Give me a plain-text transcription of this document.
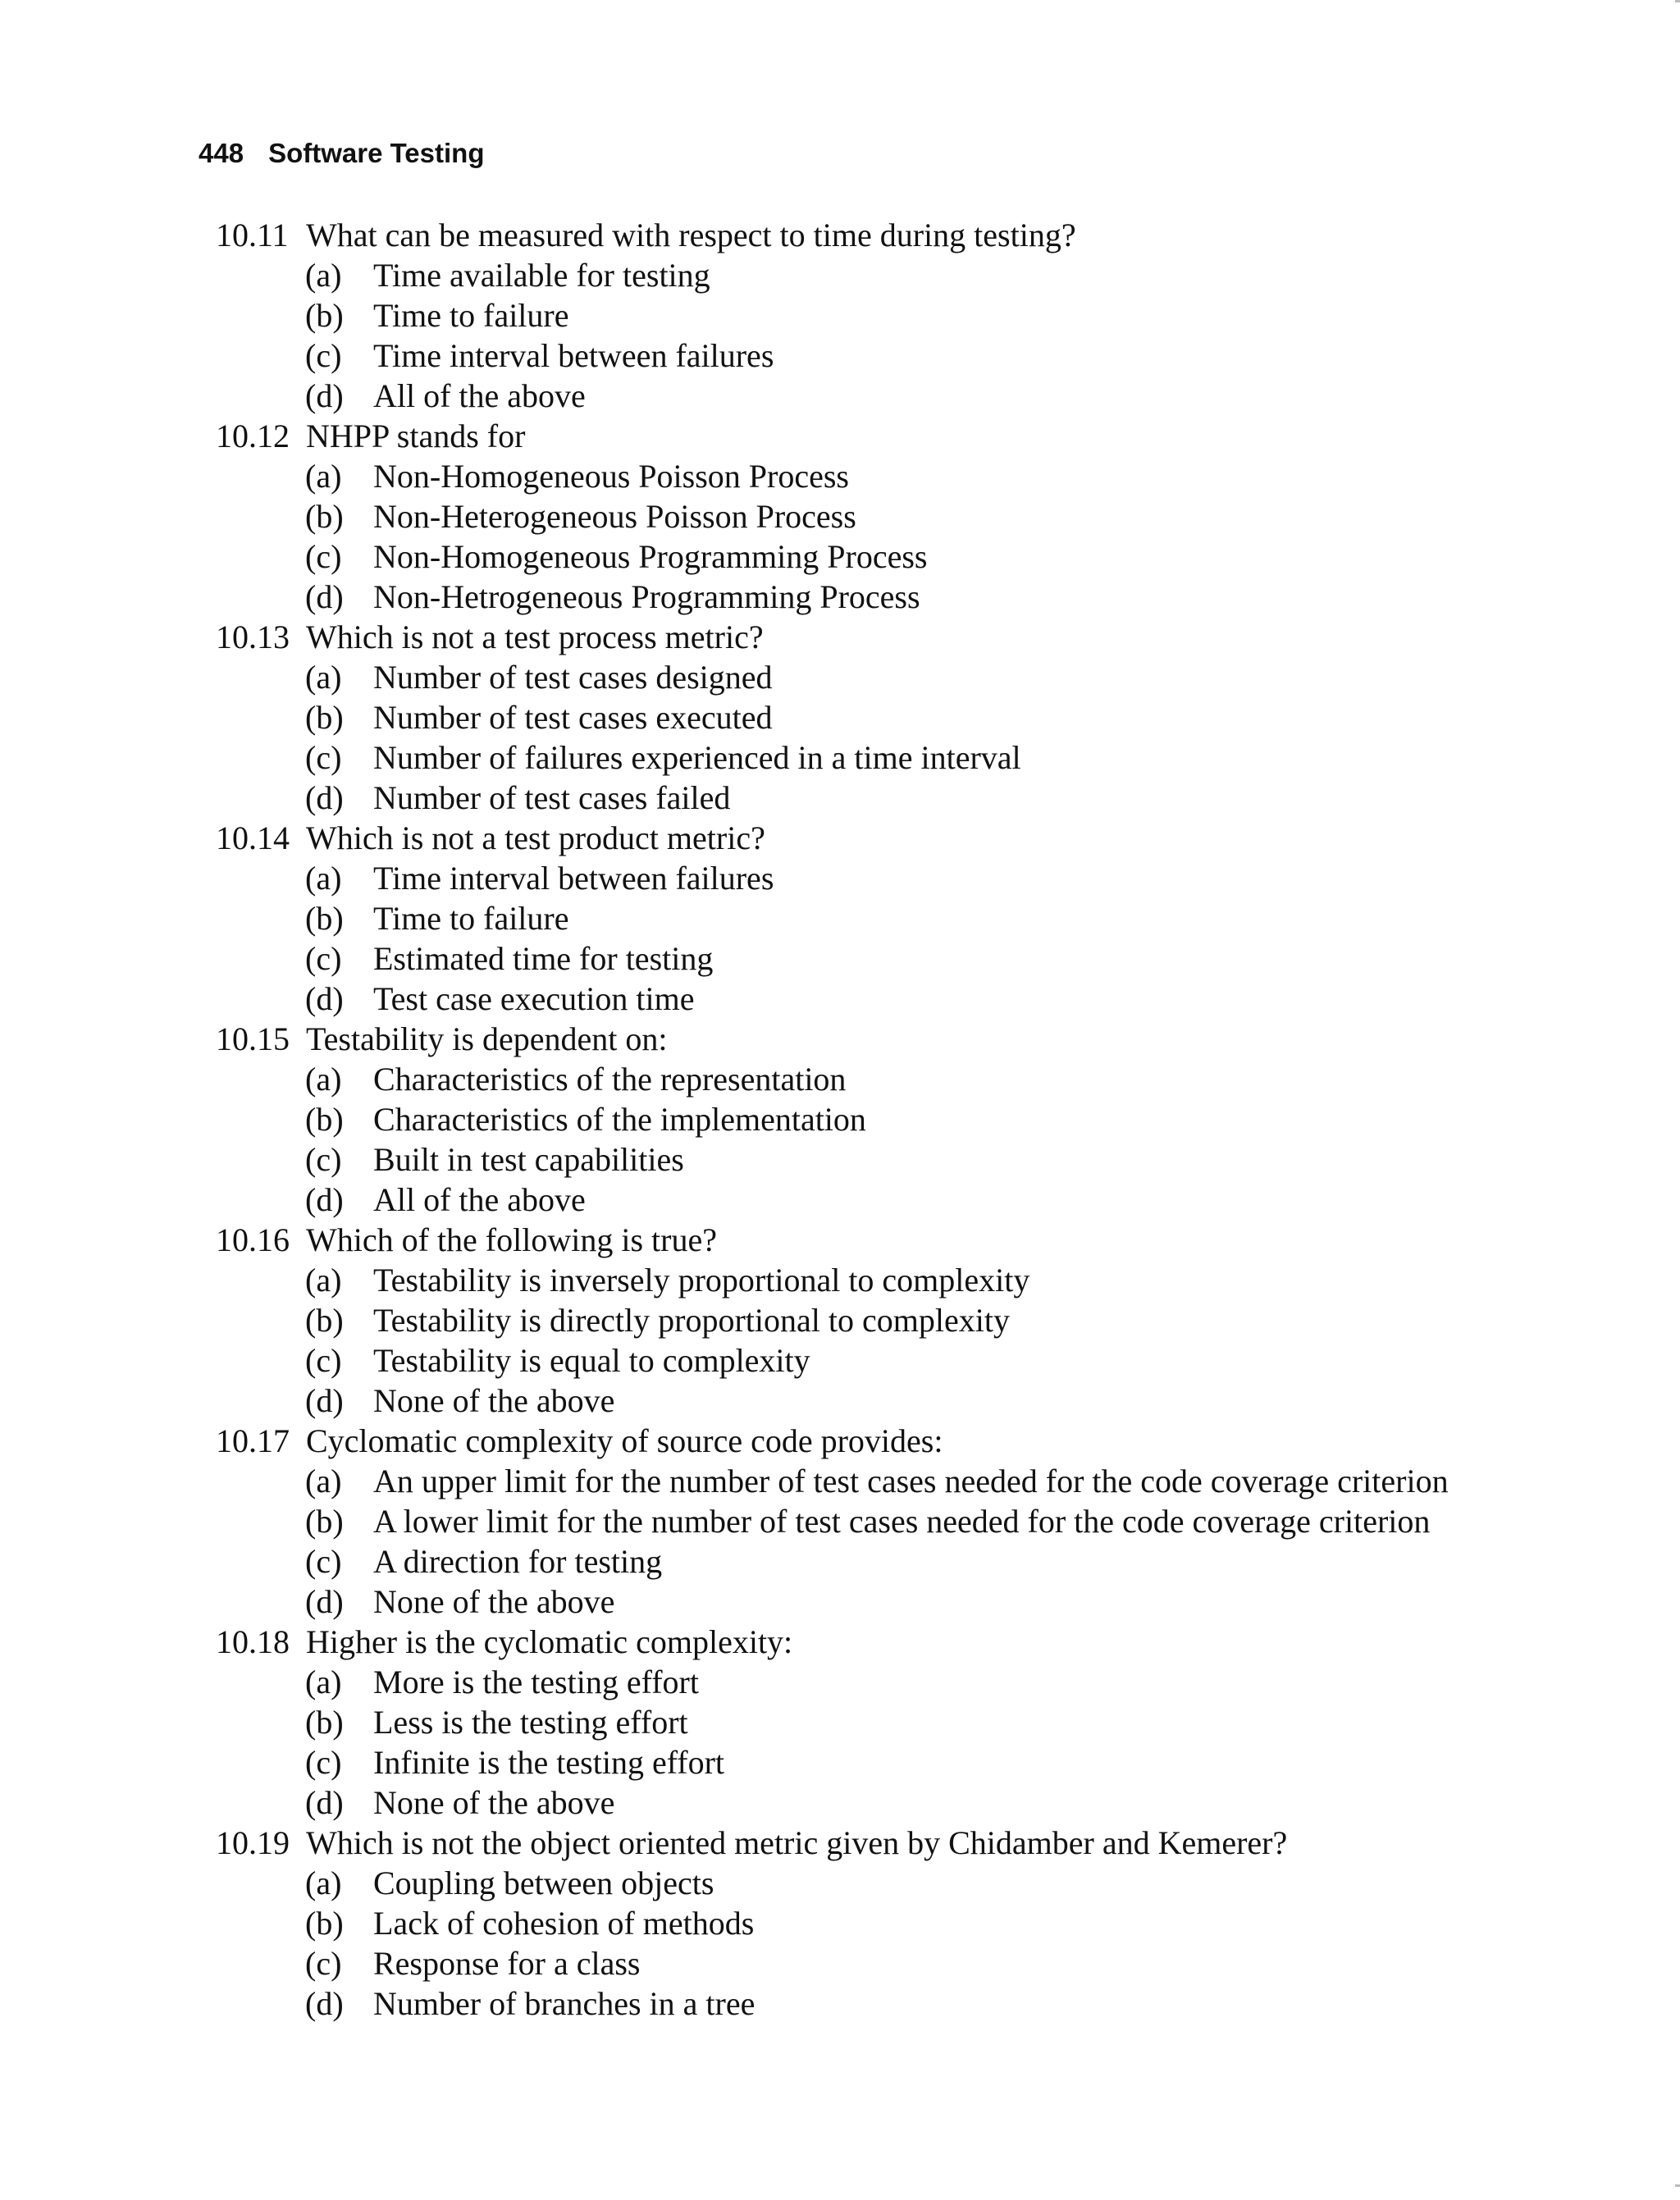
448 Software Testing
10.11 What can be measured with respect to time during testing?
(a) Time available for testing
(b) Time to failure
(c) Time interval between failures
(d) All of the above
10.12 NHPP stands for
(a) Non-Homogeneous Poisson Process
(b) Non-Heterogeneous Poisson Process
(c) Non-Homogeneous Programming Process
(d) Non-Hetrogeneous Programming Process
10.13 Which is not a test process metric?
(a) Number of test cases designed
(b) Number of test cases executed
(c) Number of failures experienced in a time interval
(d) Number of test cases failed
10.14 Which is not a test product metric?
(a) Time interval between failures
(b) Time to failure
(c) Estimated time for testing
(d) Test case execution time
10.15 Testability is dependent on:
(a) Characteristics of the representation
(b) Characteristics of the implementation
(c) Built in test capabilities
(d) All of the above
10.16 Which of the following is true?
(a) Testability is inversely proportional to complexity
(b) Testability is directly proportional to complexity
(c) Testability is equal to complexity
(d) None of the above
10.17 Cyclomatic complexity of source code provides:
(a) An upper limit for the number of test cases needed for the code coverage criterion
(b) A lower limit for the number of test cases needed for the code coverage criterion
(c) A direction for testing
(d) None of the above
10.18 Higher is the cyclomatic complexity:
(a) More is the testing effort
(b) Less is the testing effort
(c) Infinite is the testing effort
(d) None of the above
10.19 Which is not the object oriented metric given by Chidamber and Kemerer?
(a) Coupling between objects
(b) Lack of cohesion of methods
(c) Response for a class
(d) Number of branches in a tree
